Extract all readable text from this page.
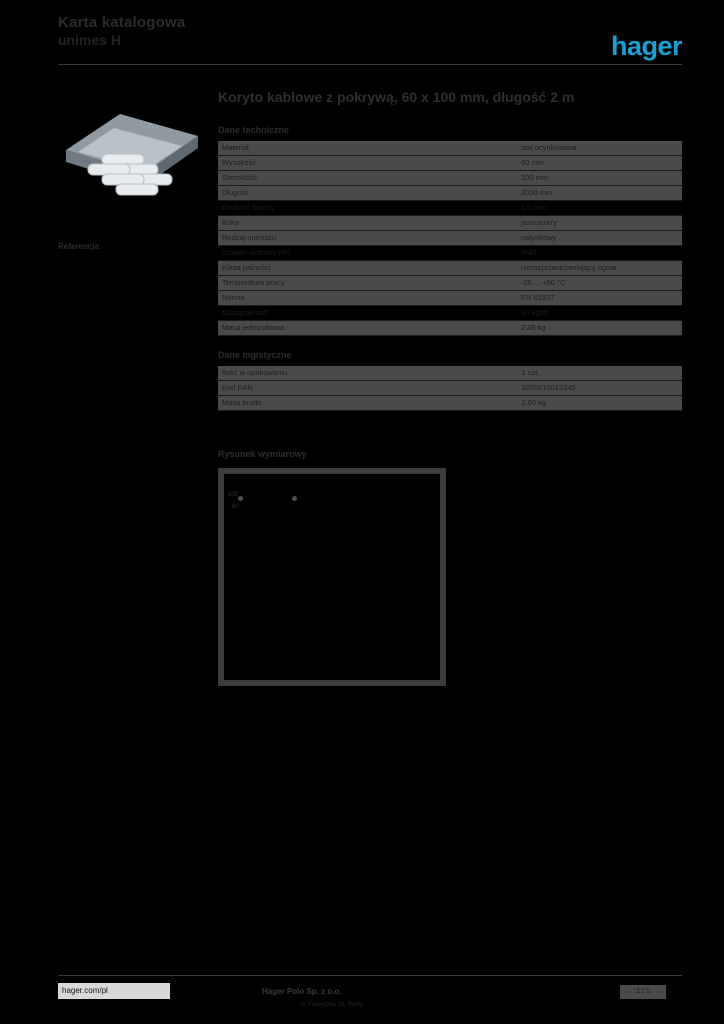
Karta katalogowa
unimes H	hager
Referencja
Koryto kablowe z pokrywą, 60 x 100 mm, długość 2 m
Dane techniczne
Materiał	stal ocynkowana
Wysokość	60 mm
Szerokość	100 mm
Długość	2000 mm
Grubość blachy	1,0 mm
Kolor	jasnoszary
Rodzaj montażu	natynkowy
Stopień ochrony (IP)	IP40
Klasa palności	nierozprzestrzeniający ognia
Temperatura pracy	-25 ... +60 °C
Norma	EN 61537
Obciążalność	50 kg/m
Masa jednostkowa	2,45 kg
Dane logistyczne
Ilość w opakowaniu	1 szt.
Kod EAN	3250616012345
Masa brutto	2,60 kg
Rysunek wymiarowy
100
60
hager.com/pl	Hager Polo Sp. z o.o.
ul. Fabryczna 10, Tychy
1 / 1
